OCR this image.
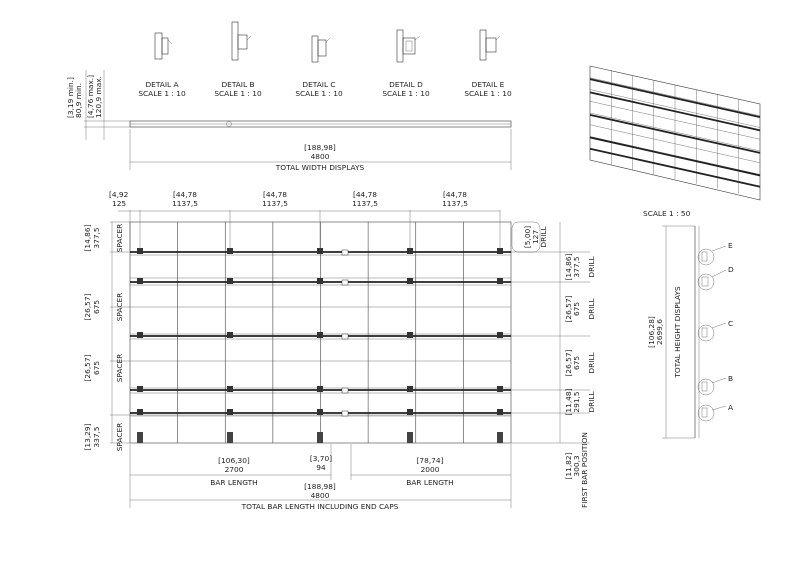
DETAIL A
SCALE 1 : 10
DETAIL B
SCALE 1 : 10
DETAIL C
SCALE 1 : 10
DETAIL D
SCALE 1 : 10
DETAIL E
SCALE 1 : 10
[3,19 min.] 80,9 min. [4,76 max.] 120,9 max.
[188,98]
4800
TOTAL WIDTH DISPLAYS
[4,92
125
[44,78
1137,5
[44,78
1137,5
[44,78
1137,5
[44,78
1137,5
[14,86] 377,5 SPACER
[26,57] 675 SPACER
[26,57] 675 SPACER
[13,29] 337,5 SPACER
[5,00] 127 DRILL
[14,86] 377,5 DRILL
[26,57] 675 DRILL
[26,57] 675 DRILL
[11,48] 291,5 DRILL
[11,82] 300,3 FIRST BAR POSITION
[106,30]
2700
BAR LENGTH
[3,70]
94
[78,74]
2000
BAR LENGTH
[188,98]
4800
TOTAL BAR LENGTH INCLUDING END CAPS
SCALE 1 : 50
[106,28] 2699,6 TOTAL HEIGHT DISPLAYS
E
D
C
B
A
